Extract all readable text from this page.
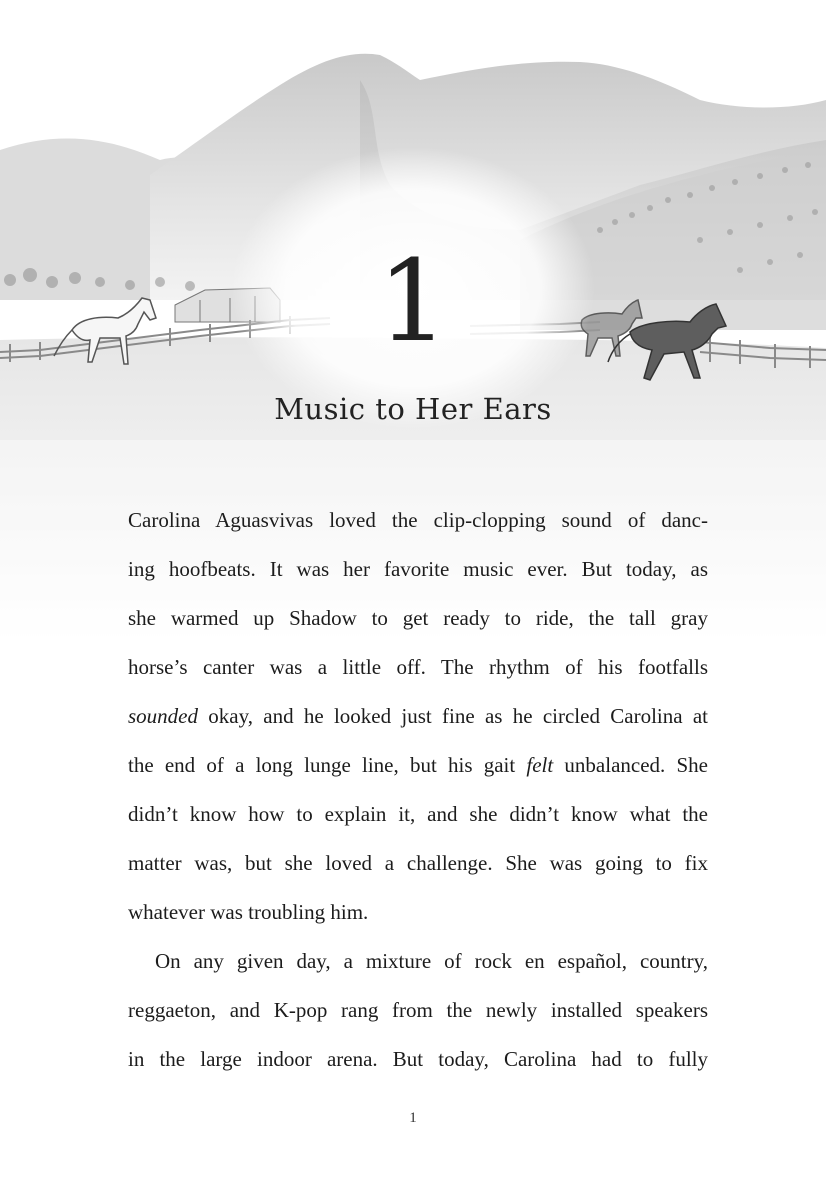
1
Music to Her Ears
Carolina Aguasvivas loved the clip-clopping sound of danc-
ing hoofbeats. It was her favorite music ever. But today, as
she warmed up Shadow to get ready to ride, the tall gray
horse’s canter was a little off. The rhythm of his footfalls
sounded okay, and he looked just fine as he circled Carolina at
the end of a long lunge line, but his gait felt unbalanced. She
didn’t know how to explain it, and she didn’t know what the
matter was, but she loved a challenge. She was going to fix
whatever was troubling him.
On any given day, a mixture of rock en español, country,
reggaeton, and K-pop rang from the newly installed speakers
in the large indoor arena. But today, Carolina had to fully
1
